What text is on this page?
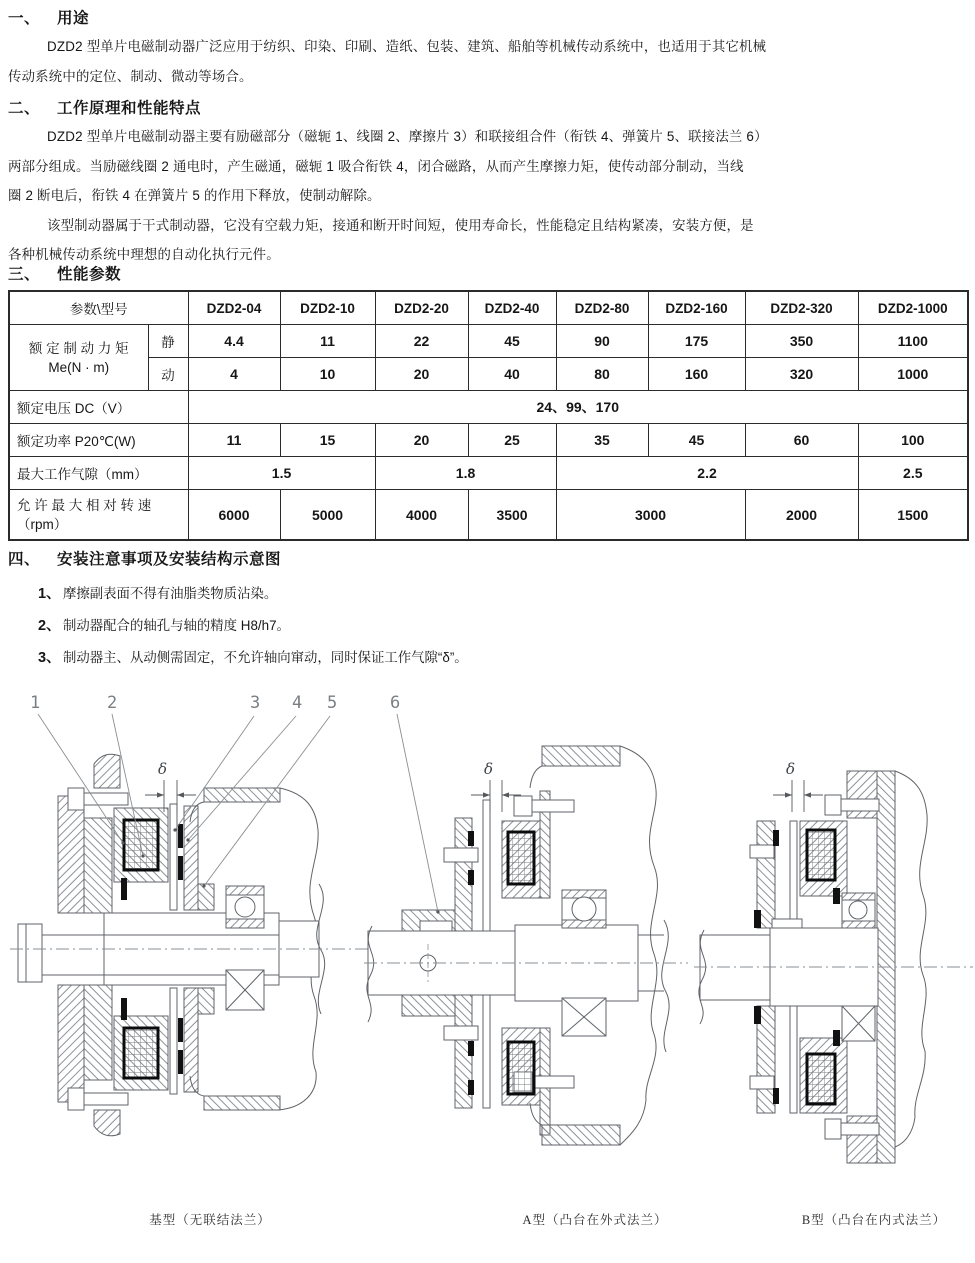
一、 用途
DZD2 型单片电磁制动器广泛应用于纺织、印染、印刷、造纸、包装、建筑、船舶等机械传动系统中，也适用于其它机械
传动系统中的定位、制动、微动等场合。
二、 工作原理和性能特点
DZD2 型单片电磁制动器主要有励磁部分（磁轭 1、线圈 2、摩擦片 3）和联接组合件（衔铁 4、弹簧片 5、联接法兰 6）
两部分组成。当励磁线圈 2 通电时，产生磁通，磁轭 1 吸合衔铁 4，闭合磁路，从而产生摩擦力矩，使传动部分制动，当线
圈 2 断电后，衔铁 4 在弹簧片 5 的作用下释放，使制动解除。
该型制动器属于干式制动器，它没有空载力矩，接通和断开时间短，使用寿命长，性能稳定且结构紧凑，安装方便，是
各种机械传动系统中理想的自动化执行元件。
三、 性能参数
参数\型号		DZD2-04	DZD2-10	DZD2-20	DZD2-40	DZD2-80	DZD2-160	DZD2-320	DZD2-1000

额 定 制 动 力 矩
Me(N · m)	静	4.4	11	22	45	90	175	350	1100
	动	4	10	20	40	80	160	320	1000
额定电压 DC（V）		24、99、170							
额定功率 P20℃(W)		11	15	20	25	35	45	60	100
最大工作气隙（mm）		1.5		1.8		2.2			2.5

允 许 最 大 相 对 转 速
（rpm）		6000	5000	4000	3500	3000		2000	1500
四、 安装注意事项及安装结构示意图
1、 摩擦副表面不得有油脂类物质沾染。
2、 制动器配合的轴孔与轴的精度 H8/h7。
3、 制动器主、从动侧需固定，不允许轴向窜动，同时保证工作气隙“δ”。
δ
1	2	3 4 5
δ
6
δ
基型（无联结法兰）	A型（凸台在外式法兰）	B型（凸台在内式法兰）
